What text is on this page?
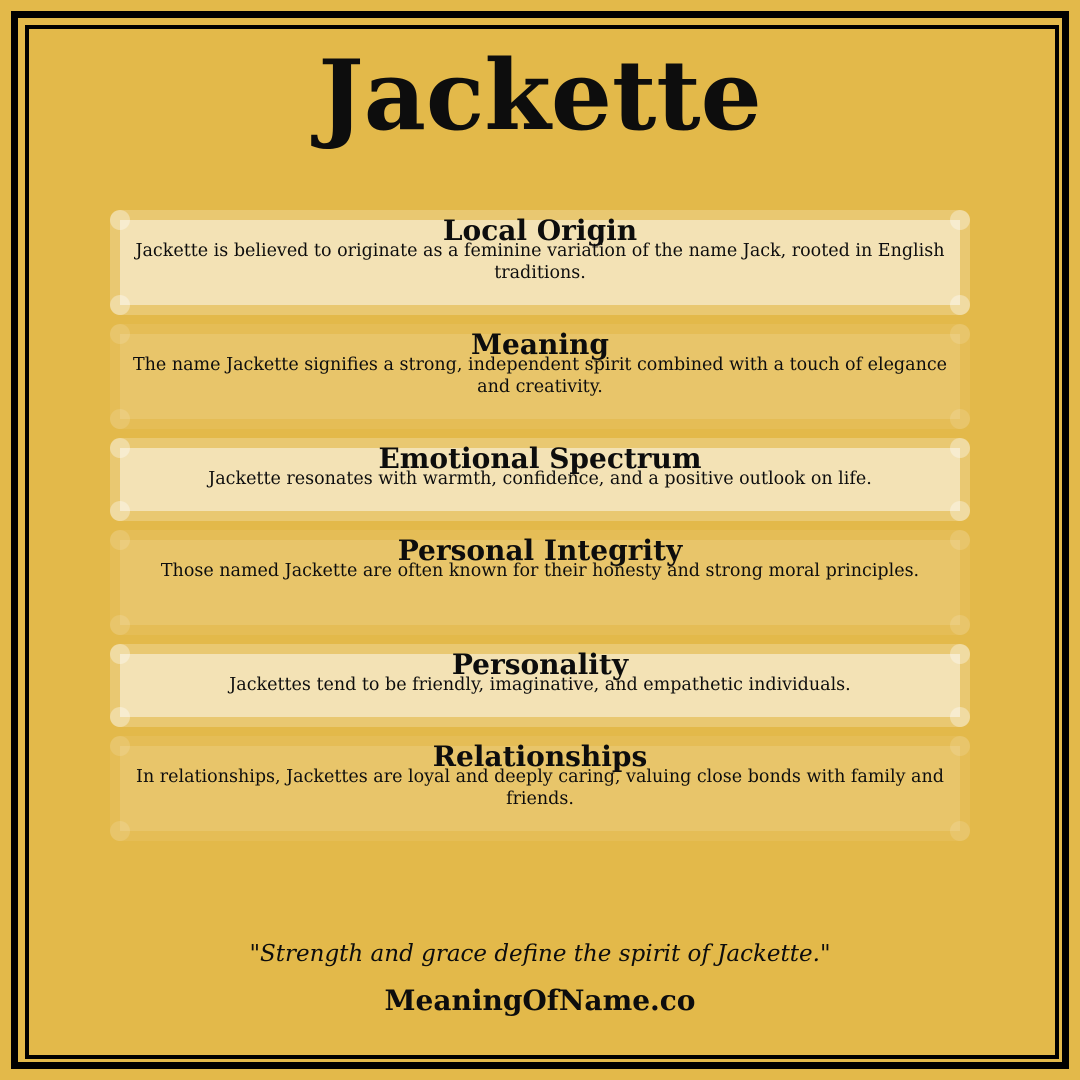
Jackette
Local Origin
Jackette is believed to originate as a feminine variation of the name Jack, rooted in English traditions.
Meaning
The name Jackette signifies a strong, independent spirit combined with a touch of elegance and creativity.
Emotional Spectrum
Jackette resonates with warmth, confidence, and a positive outlook on life.
Personal Integrity
Those named Jackette are often known for their honesty and strong moral principles.
Personality
Jackettes tend to be friendly, imaginative, and empathetic individuals.
Relationships
In relationships, Jackettes are loyal and deeply caring, valuing close bonds with family and friends.
"Strength and grace define the spirit of Jackette."
MeaningOfName.co
